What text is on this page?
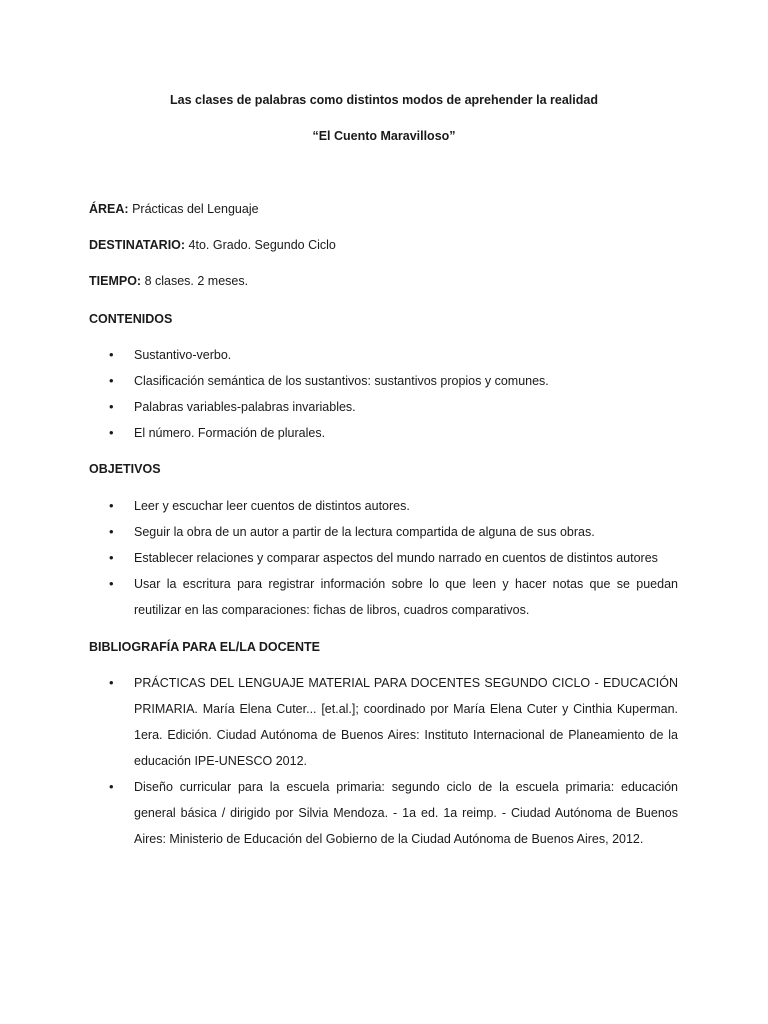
Las clases de palabras como distintos modos de aprehender la realidad
“El Cuento Maravilloso”
ÁREA: Prácticas del Lenguaje
DESTINATARIO: 4to. Grado. Segundo Ciclo
TIEMPO: 8 clases. 2 meses.
CONTENIDOS
• Sustantivo-verbo.
• Clasificación semántica de los sustantivos: sustantivos propios y comunes.
• Palabras variables-palabras invariables.
• El número. Formación de plurales.
OBJETIVOS
• Leer y escuchar leer cuentos de distintos autores.
• Seguir la obra de un autor a partir de la lectura compartida de alguna de sus obras.
• Establecer relaciones y comparar aspectos del mundo narrado en cuentos de distintos autores
• Usar la escritura para registrar información sobre lo que leen y hacer notas que se puedan reutilizar en las comparaciones: fichas de libros, cuadros comparativos.
BIBLIOGRAFÍA PARA EL/LA DOCENTE
• PRÁCTICAS DEL LENGUAJE MATERIAL PARA DOCENTES SEGUNDO CICLO - EDUCACIÓN PRIMARIA. María Elena Cuter... [et.al.]; coordinado por María Elena Cuter y Cinthia Kuperman. 1era. Edición. Ciudad Autónoma de Buenos Aires: Instituto Internacional de Planeamiento de la educación IPE-UNESCO 2012.
• Diseño curricular para la escuela primaria: segundo ciclo de la escuela primaria: educación general básica / dirigido por Silvia Mendoza. - 1a ed. 1a reimp. - Ciudad Autónoma de Buenos Aires: Ministerio de Educación del Gobierno de la Ciudad Autónoma de Buenos Aires, 2012.
